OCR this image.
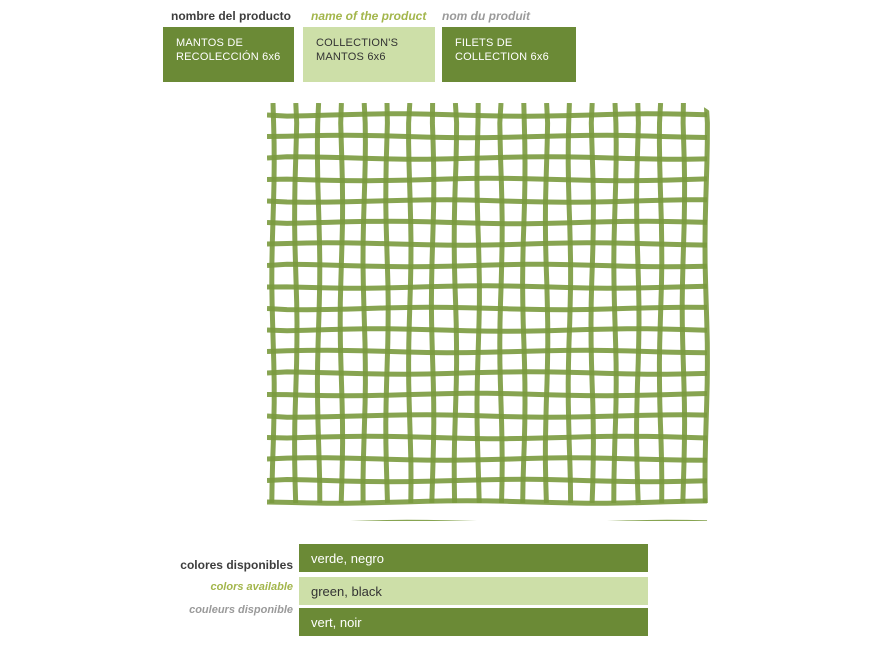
nombre del producto name of the product nom du produit
MANTOS DE RECOLECCIÓN 6x6
COLLECTION'S MANTOS 6x6
FILETS DE COLLECTION 6x6
colores disponibles
colors available
couleurs disponible
verde, negro
green, black
vert, noir
